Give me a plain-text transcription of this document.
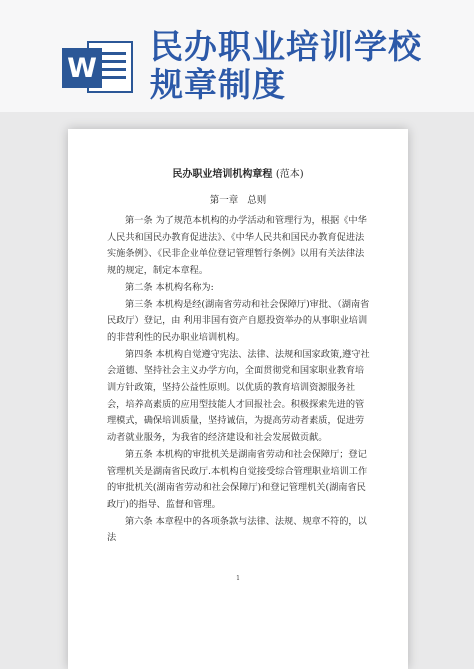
W
民办职业培训学校
规章制度
民办职业培训机构章程 (范本)
第一章 总则

第一条 为了规范本机构的办学活动和管理行为，根据《中华人民共和国民办教育促进法》、《中华人民共和国民办教育促进法实施条例》、《民非企业单位登记管理暂行条例》以用有关法律法规的规定，制定本章程。

第二条 本机构名称为:

第三条 本机构是经(湖南省劳动和社会保障厅)审批、（湖南省民政厅）登记，由 利用非国有资产自愿投资举办的从事职业培训的非营利性的民办职业培训机构。

第四条 本机构自觉遵守宪法、法律、法规和国家政策,遵守社会道德、坚持社会主义办学方向，全面贯彻党和国家职业教育培训方针政策，坚持公益性原则。以优质的教育培训资源服务社会，培养高素质的应用型技能人才回报社会。积极探索先进的管理模式，确保培训质量，坚持诚信，为提高劳动者素质，促进劳动者就业服务，为我省的经济建设和社会发展做贡献。

第五条 本机构的审批机关是湖南省劳动和社会保障厅；登记管理机关是湖南省民政厅.本机构自觉接受综合管理职业培训工作的审批机关(湖南省劳动和社会保障厅)和登记管理机关(湖南省民政厅)的指导、监督和管理。

第六条 本章程中的各项条款与法律、法规、规章不符的，以法

1
